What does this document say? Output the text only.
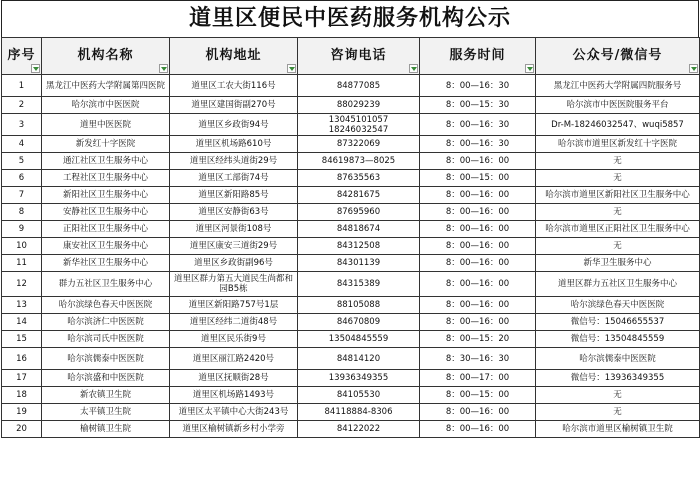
道里区便民中医药服务机构公示
序号	机构名称	机构地址	咨询电话	服务时间	公众号/微信号

1	黑龙江中医药大学附属第四医院	道里区工农大街116号	84877085	8：00—16：30	黑龙江中医药大学附属四院服务号
2	哈尔滨市中医医院	道里区建国街副270号	88029239	8：00—15：30	哈尔滨市中医医院服务平台
3	道里中医医院	道里区乡政街94号	13045101057 18246032547	8：00—16：30	Dr-M-18246032547、wuqi5857
4	新发红十字医院	道里区机场路610号	87322069	8：00—16：30	哈尔滨市道里区新发红十字医院
5	通江社区卫生服务中心	道里区经纬头道街29号	84619873—8025	8：00—16：00	无
6	工程社区卫生服务中心	道里区工部街74号	87635563	8：00—15：00	无
7	新阳社区卫生服务中心	道里区新阳路85号	84281675	8：00—16：00	哈尔滨市道里区新阳社区卫生服务中心
8	安静社区卫生服务中心	道里区安静街63号	87695960	8：00—16：00	无
9	正阳社区卫生服务中心	道里区河景街108号	84818674	8：00—16：00	哈尔滨市道里区正阳社区卫生服务中心
10	康安社区卫生服务中心	道里区康安三道街29号	84312508	8：00—16：00	无
11	新华社区卫生服务中心	道里区乡政街副96号	84301139	8：00—16：00	新华卫生服务中心
12	群力五社区卫生服务中心	道里区群力第五大道民生尚都和园B5栋	84315389	8：00—16：00	道里区群力五社区卫生服务中心
13	哈尔滨绿色春天中医医院	道里区新阳路757号1层	88105088	8：00—16：00	哈尔滨绿色春天中医医院
14	哈尔滨济仁中医医院	道里区经纬二道街48号	84670809	8：00—16：00	微信号：15046655537
15	哈尔滨司氏中医医院	道里区民乐街9号	13504845559	8：00—15：20	微信号：13504845559
16	哈尔滨儒泰中医医院	道里区丽江路2420号	84814120	8：30—16：30	哈尔滨儒泰中医医院
17	哈尔滨盛和中医医院	道里区抚顺街28号	13936349355	8：00—17：00	微信号：13936349355
18	新农镇卫生院	道里区机场路1493号	84105530	8：00—15：00	无
19	太平镇卫生院	道里区太平镇中心大街243号	84118884-8306	8：00—16：00	无
20	榆树镇卫生院	道里区榆树镇新乡村小学旁	84122022	8：00—16：00	哈尔滨市道里区榆树镇卫生院
